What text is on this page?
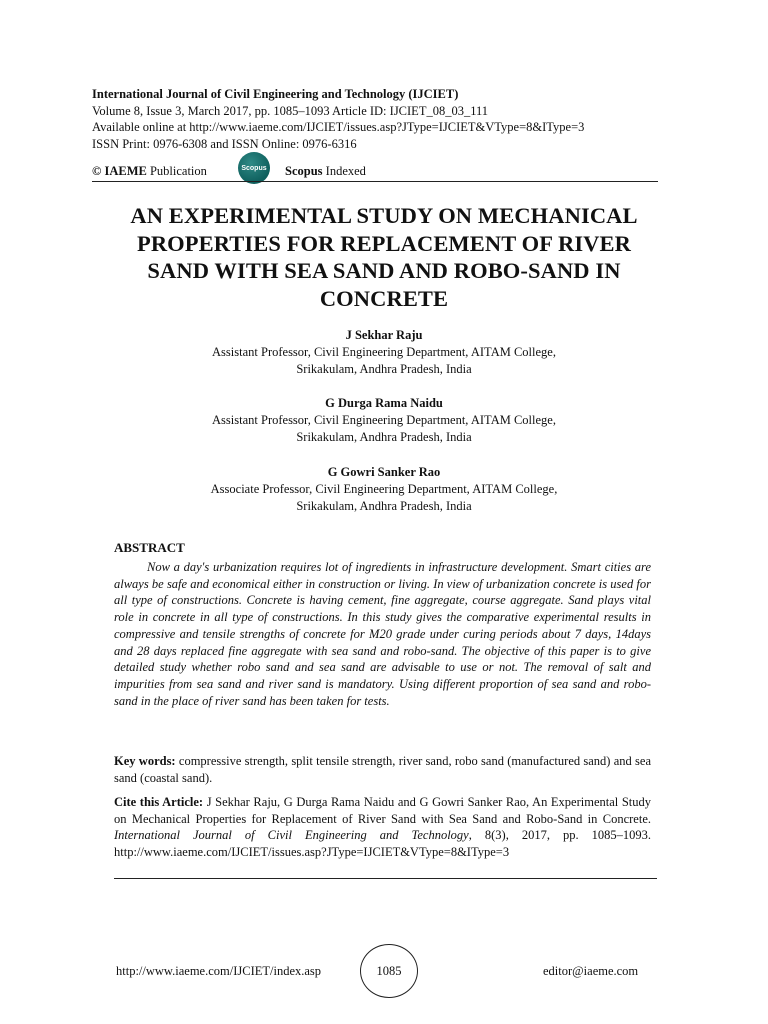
International Journal of Civil Engineering and Technology (IJCIET)
Volume 8, Issue 3, March 2017, pp. 1085–1093 Article ID: IJCIET_08_03_111
Available online at http://www.iaeme.com/IJCIET/issues.asp?JType=IJCIET&VType=8&IType=3
ISSN Print: 0976-6308 and ISSN Online: 0976-6316
© IAEME Publication	Scopus Scopus Indexed
AN EXPERIMENTAL STUDY ON MECHANICAL
PROPERTIES FOR REPLACEMENT OF RIVER
SAND WITH SEA SAND AND ROBO-SAND IN
CONCRETE
J Sekhar Raju
Assistant Professor, Civil Engineering Department, AITAM College,
Srikakulam, Andhra Pradesh, India
G Durga Rama Naidu
Assistant Professor, Civil Engineering Department, AITAM College,
Srikakulam, Andhra Pradesh, India
G Gowri Sanker Rao
Associate Professor, Civil Engineering Department, AITAM College,
Srikakulam, Andhra Pradesh, India
ABSTRACT
Now a day's urbanization requires lot of ingredients in infrastructure development. Smart cities are always be safe and economical either in construction or living. In view of urbanization concrete is used for all type of constructions. Concrete is having cement, fine aggregate, course aggregate. Sand plays vital role in concrete in all type of constructions. In this study gives the comparative experimental results in compressive and tensile strengths of concrete for M20 grade under curing periods about 7 days, 14days and 28 days replaced fine aggregate with sea sand and robo-sand. The objective of this paper is to give detailed study whether robo sand and sea sand are advisable to use or not. The removal of salt and impurities from sea sand and river sand is mandatory. Using different proportion of sea sand and robo-sand in the place of river sand has been taken for tests.
Key words: compressive strength, split tensile strength, river sand, robo sand (manufactured sand) and sea sand (coastal sand).
Cite this Article: J Sekhar Raju, G Durga Rama Naidu and G Gowri Sanker Rao, An Experimental Study on Mechanical Properties for Replacement of River Sand with Sea Sand and Robo-Sand in Concrete. International Journal of Civil Engineering and Technology, 8(3), 2017, pp. 1085–1093. http://www.iaeme.com/IJCIET/issues.asp?JType=IJCIET&VType=8&IType=3
http://www.iaeme.com/IJCIET/index.asp	1085	editor@iaeme.com
